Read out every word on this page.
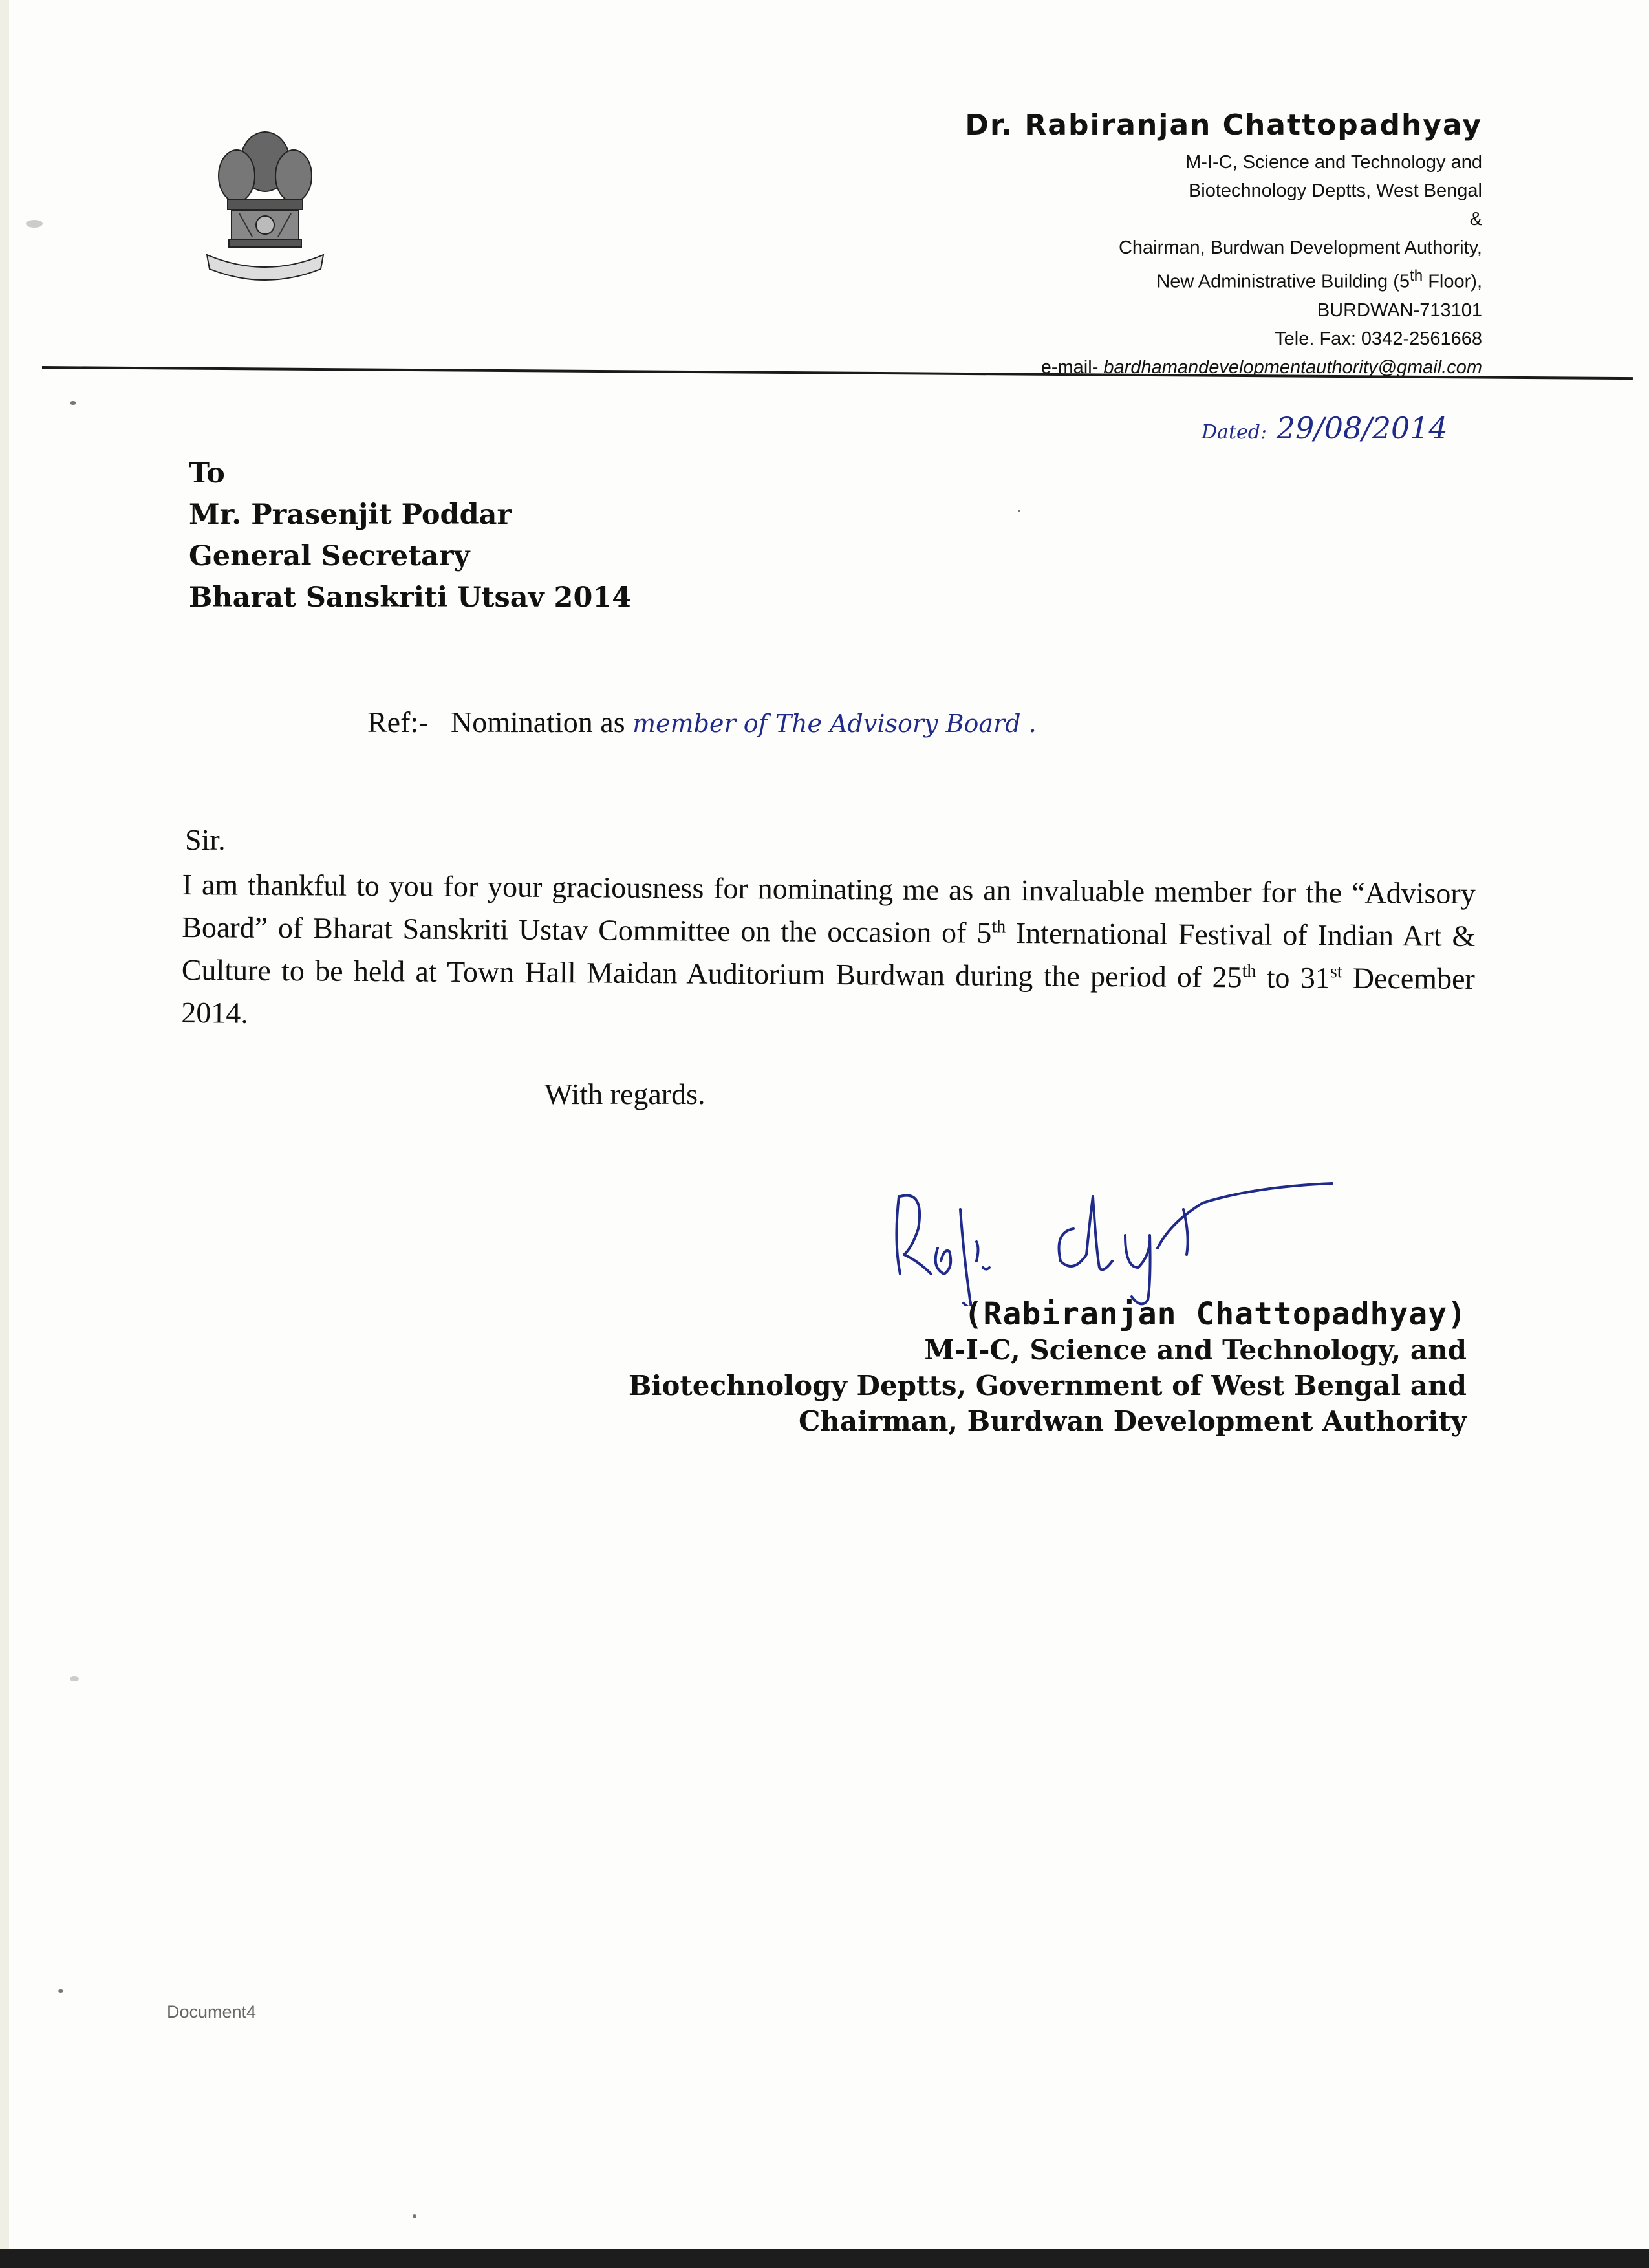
Dr. Rabiranjan Chattopadhyay
M-I-C, Science and Technology and
Biotechnology Deptts, West Bengal
&
Chairman, Burdwan Development Authority,
New Administrative Building (5th Floor),
BURDWAN-713101
Tele. Fax: 0342-2561668
e-mail- bardhamandevelopmentauthority@gmail.com
Dated: 29/08/2014
To
Mr. Prasenjit Poddar
General Secretary
Bharat Sanskriti Utsav 2014
Ref:- Nomination as member of The Advisory Board .
Sir.
I am thankful to you for your graciousness for nominating me as an invaluable member for the “Advisory Board” of Bharat Sanskriti Ustav Committee on the occasion of 5th International Festival of Indian Art & Culture to be held at Town Hall Maidan Auditorium Burdwan during the period of 25th to 31st December 2014.
With regards.
(Rabiranjan Chattopadhyay)
M-I-C, Science and Technology, and
Biotechnology Deptts, Government of West Bengal and
Chairman, Burdwan Development Authority
Document4
